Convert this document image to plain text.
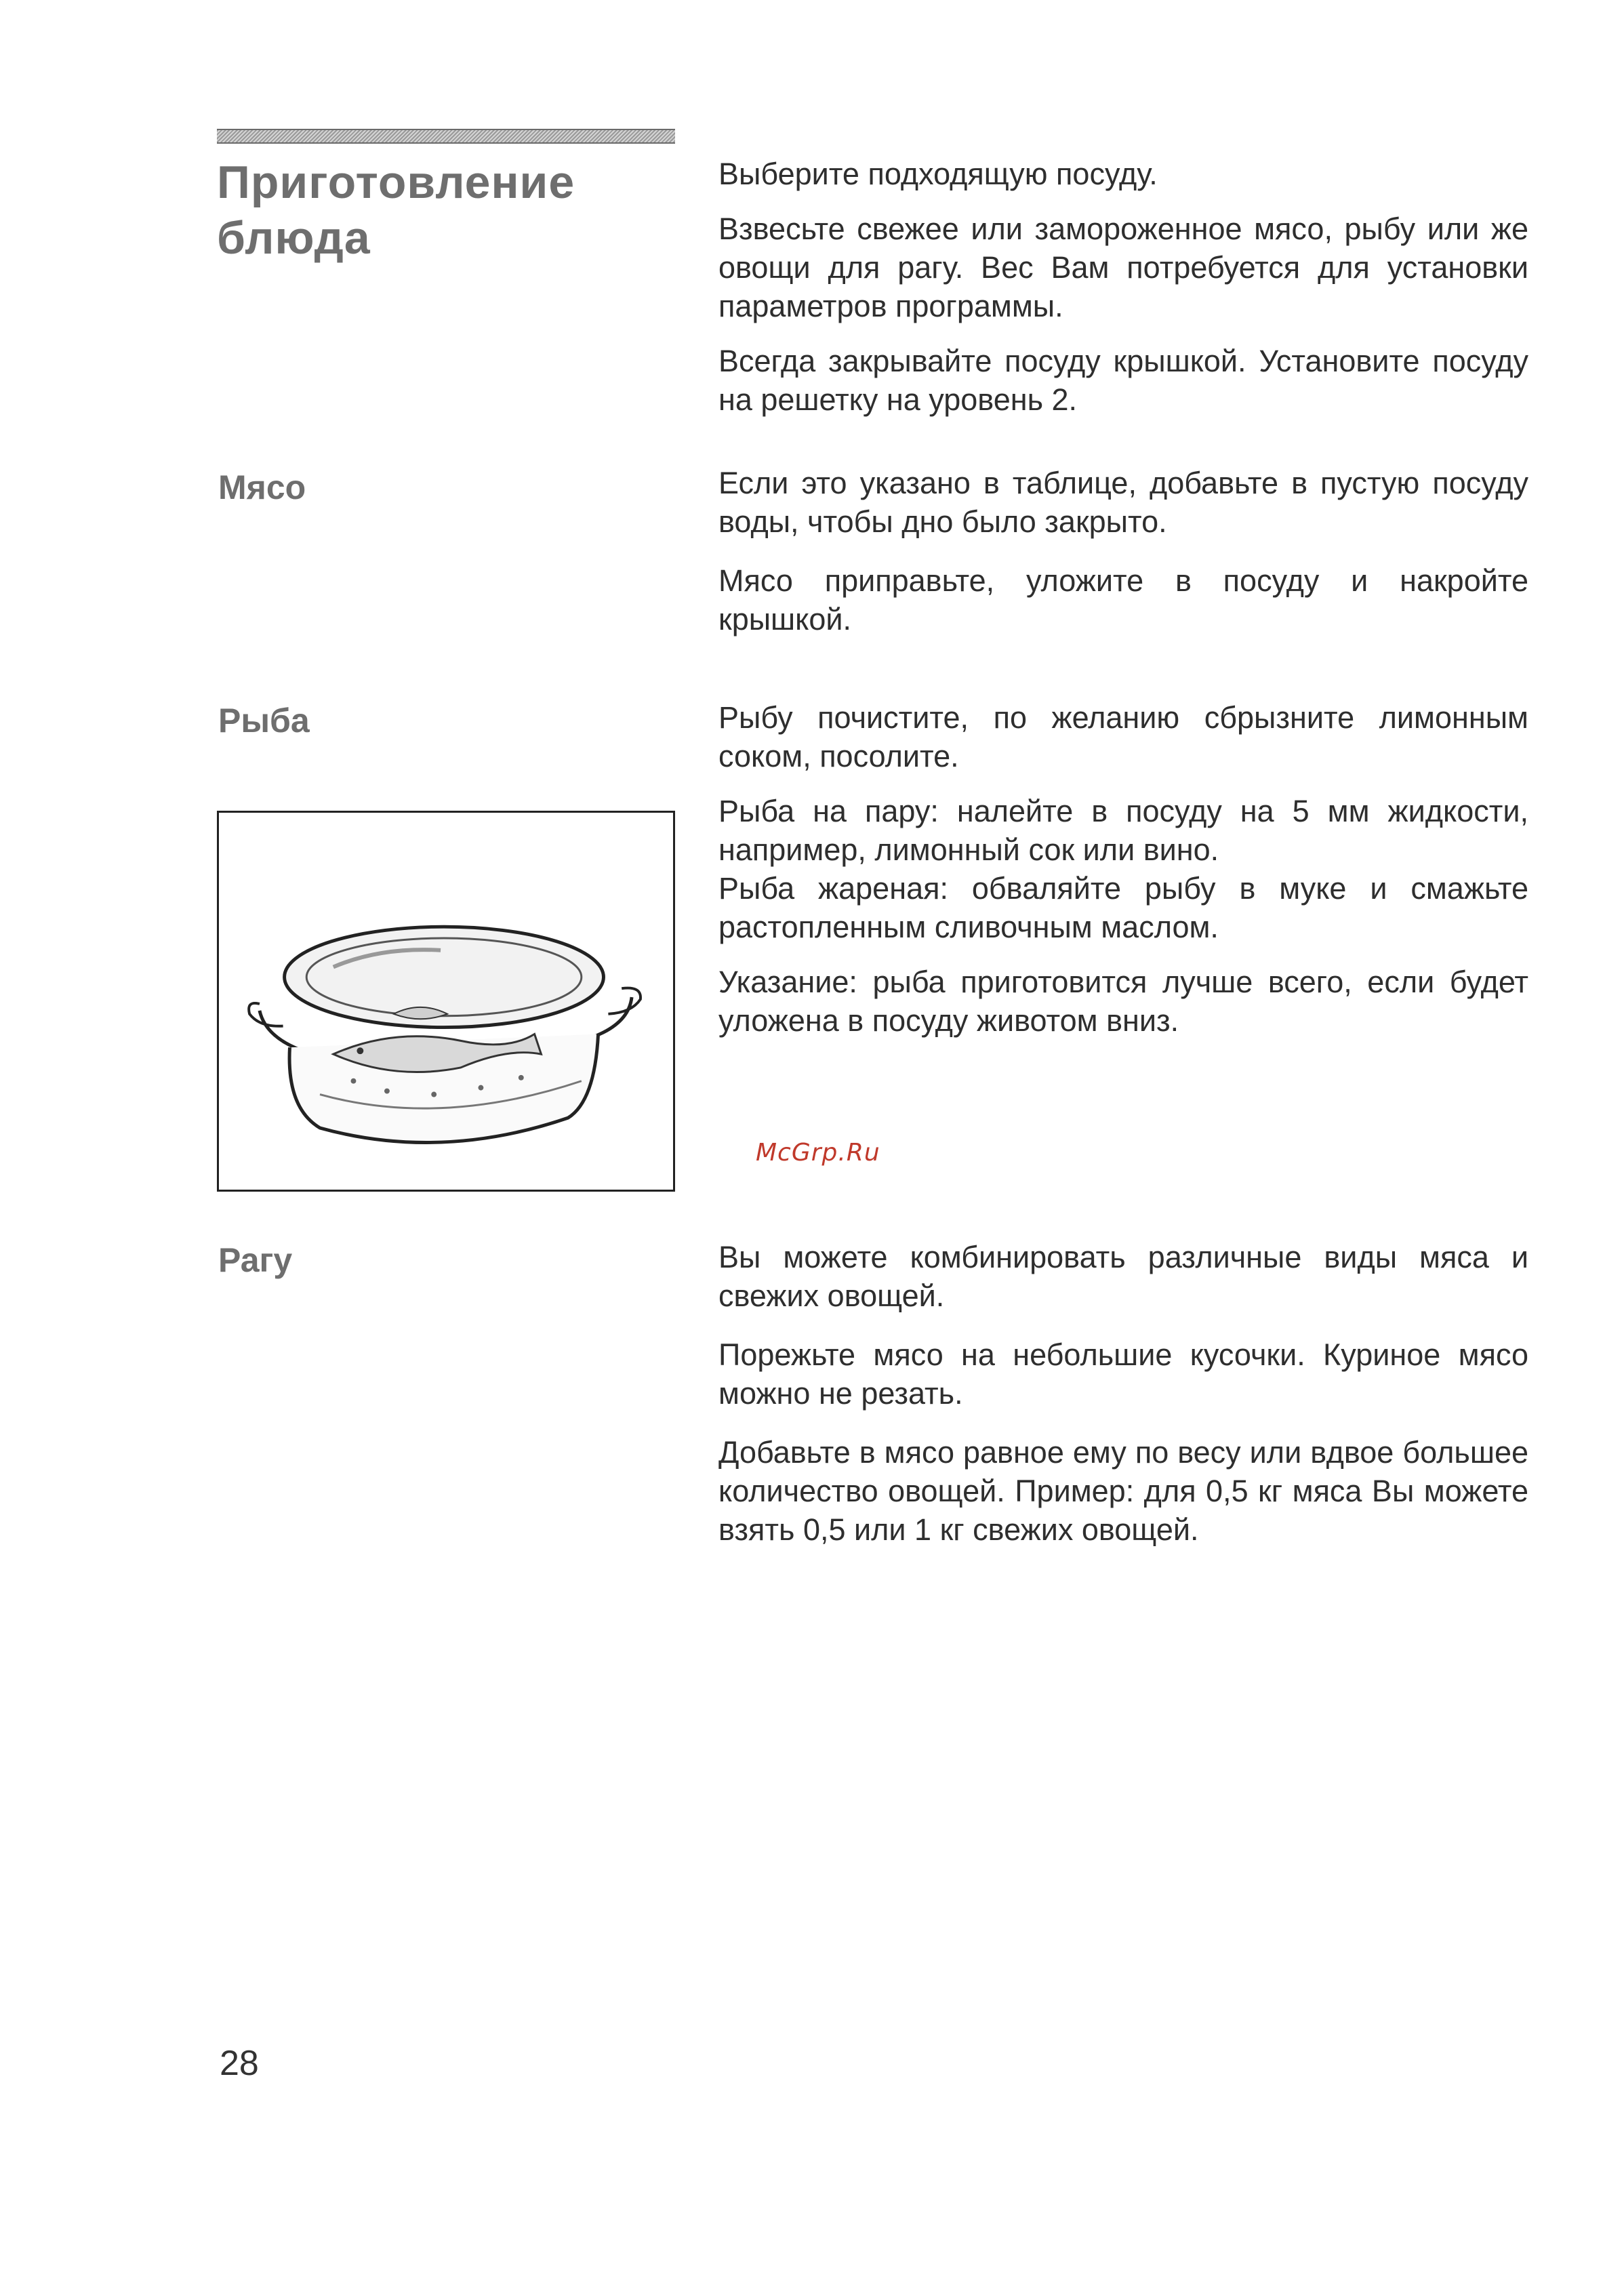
Приготовление
блюда

Выберите подходящую посуду.

Взвесьте свежее или замороженное мясо, рыбу или же овощи для рагу. Вес Вам потребуется для установки параметров программы.

Всегда закрывайте посуду крышкой. Установите посуду на решетку на уровень 2.

Мясо	Если это указано в таблице, добавьте в пустую посуду воды, чтобы дно было закрыто.

Мясо приправьте, уложите в посуду и накройте крышкой.

Рыба	Рыбу почистите, по желанию сбрызните лимонным соком, посолите.

Рыба на пару: налейте в посуду на 5 мм жидкости, например, лимонный сок или вино.

Рыба жареная: обваляйте рыбу в муке и смажьте растопленным сливочным маслом.

Указание: рыба приготовится лучше всего, если будет уложена в посуду животом вниз.

McGrp.Ru
Рагу	Вы можете комбинировать различные виды мяса и свежих овощей.

Порежьте мясо на небольшие кусочки. Куриное мясо можно не резать.

Добавьте в мясо равное ему по весу или вдвое большее количество овощей. Пример: для 0,5 кг мяса Вы можете взять 0,5 или 1 кг свежих овощей.

28
